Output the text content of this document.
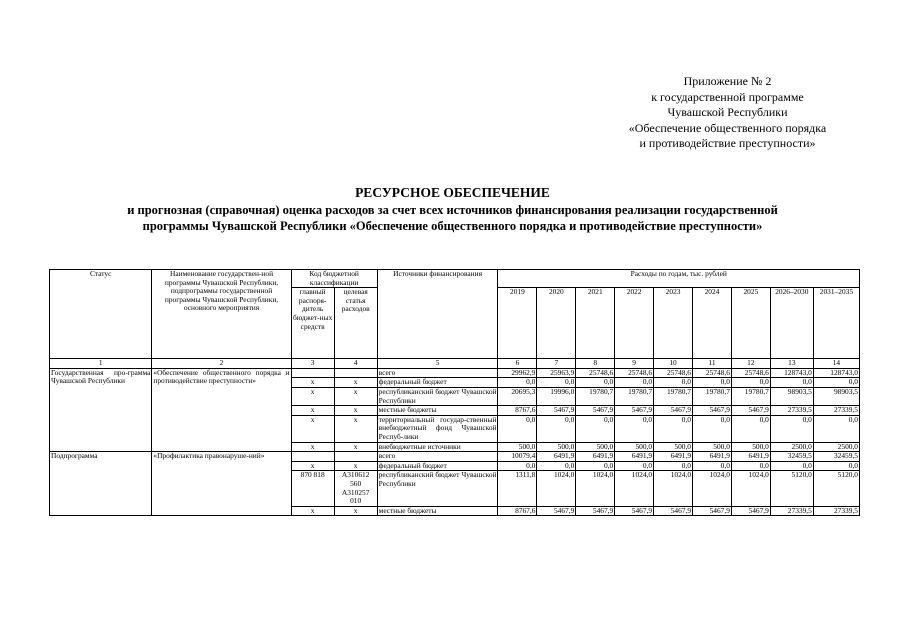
Приложение № 2
к государственной программе
Чувашской Республики
«Обеспечение общественного порядка
и противодействие преступности»
РЕСУРСНОЕ ОБЕСПЕЧЕНИЕ
и прогнозная (справочная) оценка расходов за счет всех источников финансирования реализации государственной
программы Чувашской Республики «Обеспечение общественного порядка и противодействие преступности»
Статус	Наименование государствен-ной программы Чувашской Республики, подпрограммы государственной программы Чувашской Республики, основного мероприятия	Код бюджетной классификации		Источники финансирования	Расходы по годам, тыс. рублей								
		главный распоря-дитель бюджет-ных средств	целевая статья расходов		2019	2020	2021	2022	2023	2024	2025	2026–2030	2031–2035
1	2	3	4	5	6	7	8	9	10	11	12	13	14
Государственная про-грамма Чувашской Республики	«Обеспечение общественного порядка и противодействие преступности»			всего	29962,9	25963,9	25748,6	25748,6	25748,6	25748,6	25748,6	128743,0	128743,0
		х	х	федеральный бюджет	0,0	0,0	0,0	0,0	0,0	0,0	0,0	0,0	0,0
		х	х	республиканский бюджет Чувашской Республики	20695,3	19996,0	19780,7	19780,7	19780,7	19780,7	19780,7	98903,5	98903,5
		х	х	местные бюджеты	8767,6	5467,9	5467,9	5467,9	5467,9	5467,9	5467,9	27339,5	27339,5
		х	х	территориальный государ-ственный внебюджетный фонд Чувашской Респуб-лики	0,0	0,0	0,0	0,0	0,0	0,0	0,0	0,0	0,0
		х	х	внебюджетные источники	500,0	500,0	500,0	500,0	500,0	500,0	500,0	2500,0	2500,0
Подпрограмма	«Профилактика правонаруше-ний»			всего	10079,4	6491,9	6491,9	6491,9	6491,9	6491,9	6491,9	32459,5	32459,5
		х	х	федеральный бюджет	0,0	0,0	0,0	0,0	0,0	0,0	0,0	0,0	0,0
		870 818	А310612 560 А310257 010	республиканский бюджет Чувашской Республики	1311,8	1024,0	1024,0	1024,0	1024,0	1024,0	1024,0	5120,0	5120,0
		х	х	местные бюджеты	8767,6	5467,9	5467,9	5467,9	5467,9	5467,9	5467,9	27339,5	27339,5
